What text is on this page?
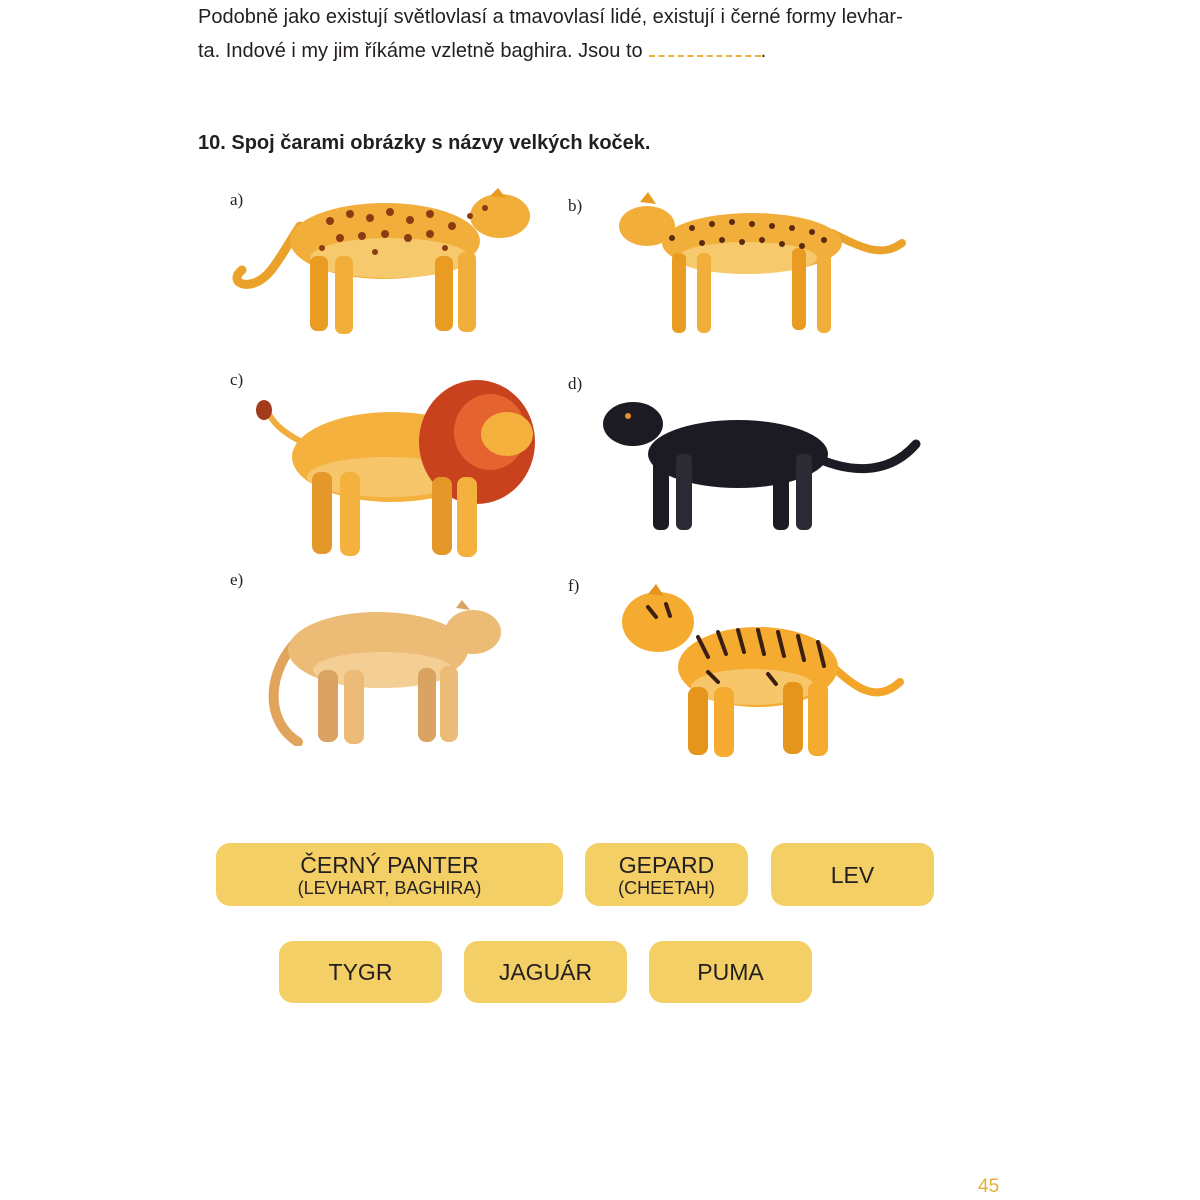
Podobně jako existují světlovlasí a tmavovlasí lidé, existují i černé formy levhar-

ta. Indové i my jim říkáme vzletně baghira. Jsou to	.

10. Spoj čarami obrázky s názvy velkých koček.
a)	b)
c)	d)
e)	f)
ČERNÝ PANTER
(LEVHART, BAGHIRA)
GEPARD
(CHEETAH)	LEV
TYGR	JAGUÁR	PUMA
45
